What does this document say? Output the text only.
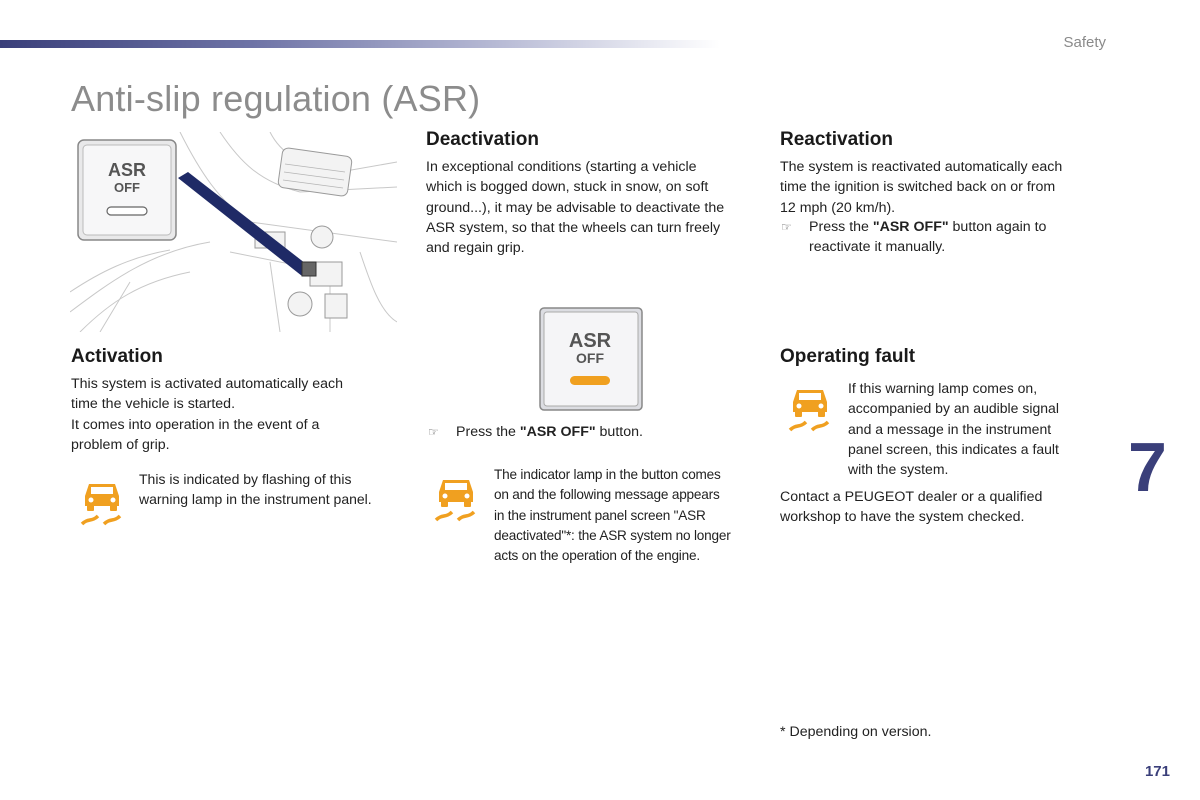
Safety
Anti-slip regulation (ASR)
ASR
OFF
Activation

This system is activated automatically each

time the vehicle is started.

It comes into operation in the event of a

problem of grip.

This is indicated by flashing of this
warning lamp in the instrument panel.
Deactivation

In exceptional conditions (starting a vehicle

which is bogged down, stuck in snow, on soft

ground...), it may be advisable to deactivate the

ASR system, so that the wheels can turn freely

and regain grip.

ASR
OFF
☞ Press the "ASR OFF" button.
The indicator lamp in the button comes
on and the following message appears
in the instrument panel screen "ASR
deactivated"*: the ASR system no longer
acts on the operation of the engine.
Reactivation

The system is reactivated automatically each

time the ignition is switched back on or from

12 mph (20 km/h).

☞ Press the "ASR OFF" button again to
reactivate it manually.
Operating fault
If this warning lamp comes on,
accompanied by an audible signal
and a message in the instrument
panel screen, this indicates a fault
with the system.

Contact a PEUGEOT dealer or a qualified

workshop to have the system checked.

* Depending on version.
7
171
